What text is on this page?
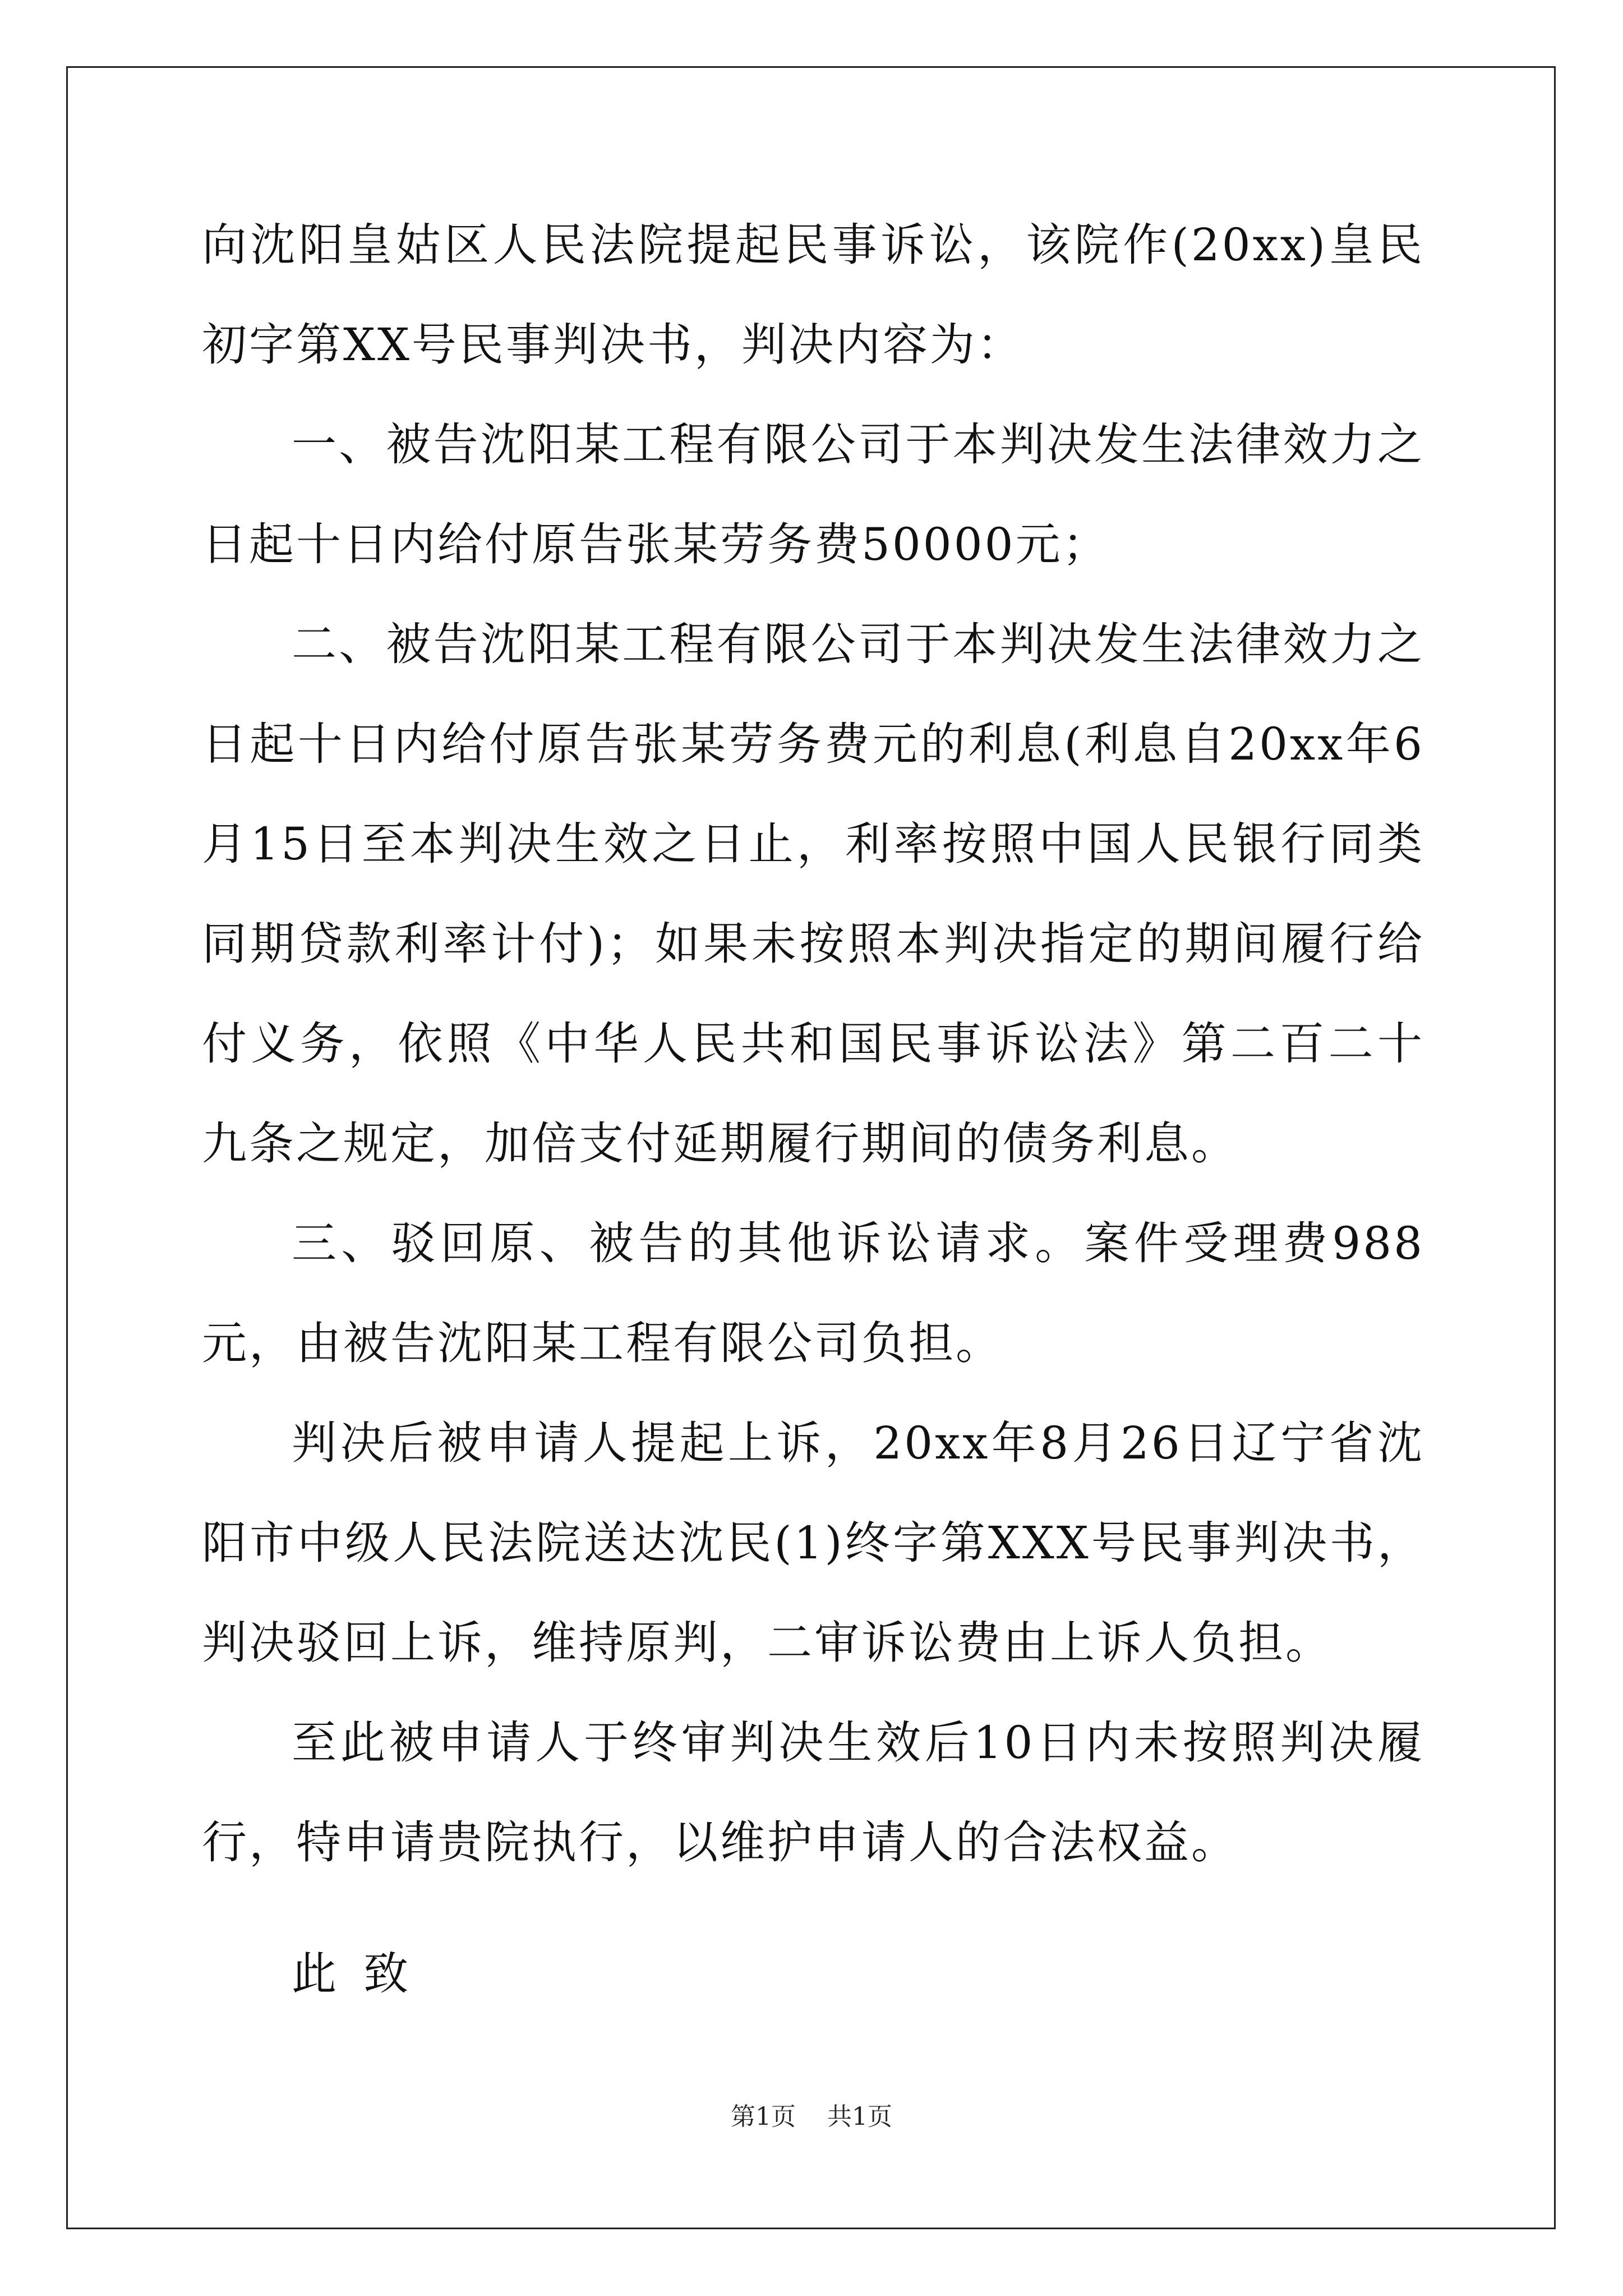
向沈阳皇姑区人民法院提起民事诉讼，该院作(20xx)皇民初字第XX号民事判决书，判决内容为：

一、被告沈阳某工程有限公司于本判决发生法律效力之日起十日内给付原告张某劳务费50000元；

二、被告沈阳某工程有限公司于本判决发生法律效力之日起十日内给付原告张某劳务费元的利息(利息自20xx年6月15日至本判决生效之日止，利率按照中国人民银行同类同期贷款利率计付)；如果未按照本判决指定的期间履行给付义务，依照《中华人民共和国民事诉讼法》第二百二十九条之规定，加倍支付延期履行期间的债务利息。

三、驳回原、被告的其他诉讼请求。案件受理费988元，由被告沈阳某工程有限公司负担。

判决后被申请人提起上诉，20xx年8月26日辽宁省沈阳市中级人民法院送达沈民(1)终字第XXX号民事判决书，判决驳回上诉，维持原判，二审诉讼费由上诉人负担。

至此被申请人于终审判决生效后10日内未按照判决履行，特申请贵院执行，以维护申请人的合法权益。

此致

第1页 共1页
